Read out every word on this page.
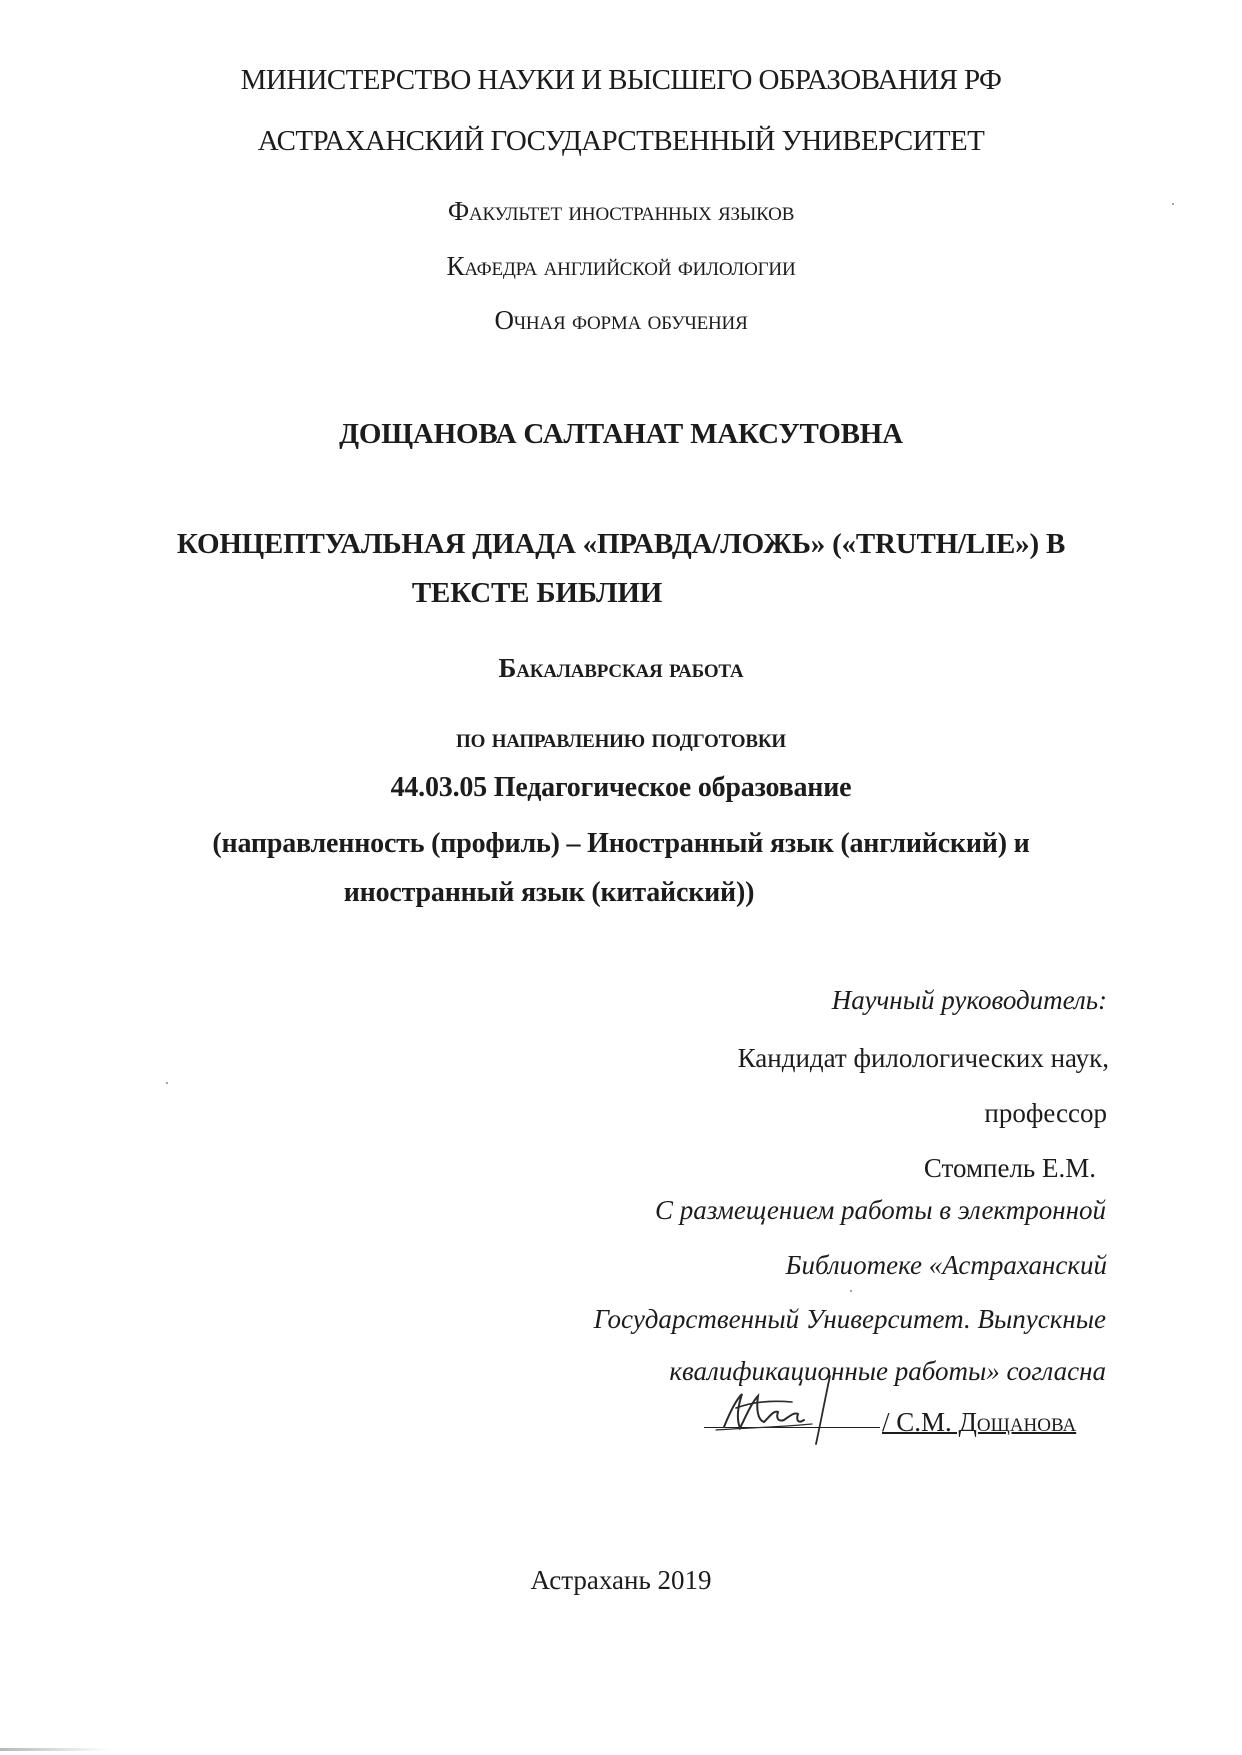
МИНИСТЕРСТВО НАУКИ И ВЫСШЕГО ОБРАЗОВАНИЯ РФ
АСТРАХАНСКИЙ ГОСУДАРСТВЕННЫЙ УНИВЕРСИТЕТ
Факультет иностранных языков
Кафедра английской филологии
Очная форма обучения
ДОЩАНОВА САЛТАНАТ МАКСУТОВНА
КОНЦЕПТУАЛЬНАЯ ДИАДА «ПРАВДА/ЛОЖЬ» («TRUTH/LIE») В
ТЕКСТЕ БИБЛИИ
Бакалаврская работа
по направлению подготовки
44.03.05 Педагогическое образование
(направленность (профиль) – Иностранный язык (английский) и
иностранный язык (китайский))
Научный руководитель:
Кандидат филологических наук,
профессор
Стомпель Е.М.
С размещением работы в электронной
Библиотеке «Астраханский
Государственный Университет. Выпускные
квалификационные работы» согласна
/ С.М. Дощанова
Астрахань 2019
